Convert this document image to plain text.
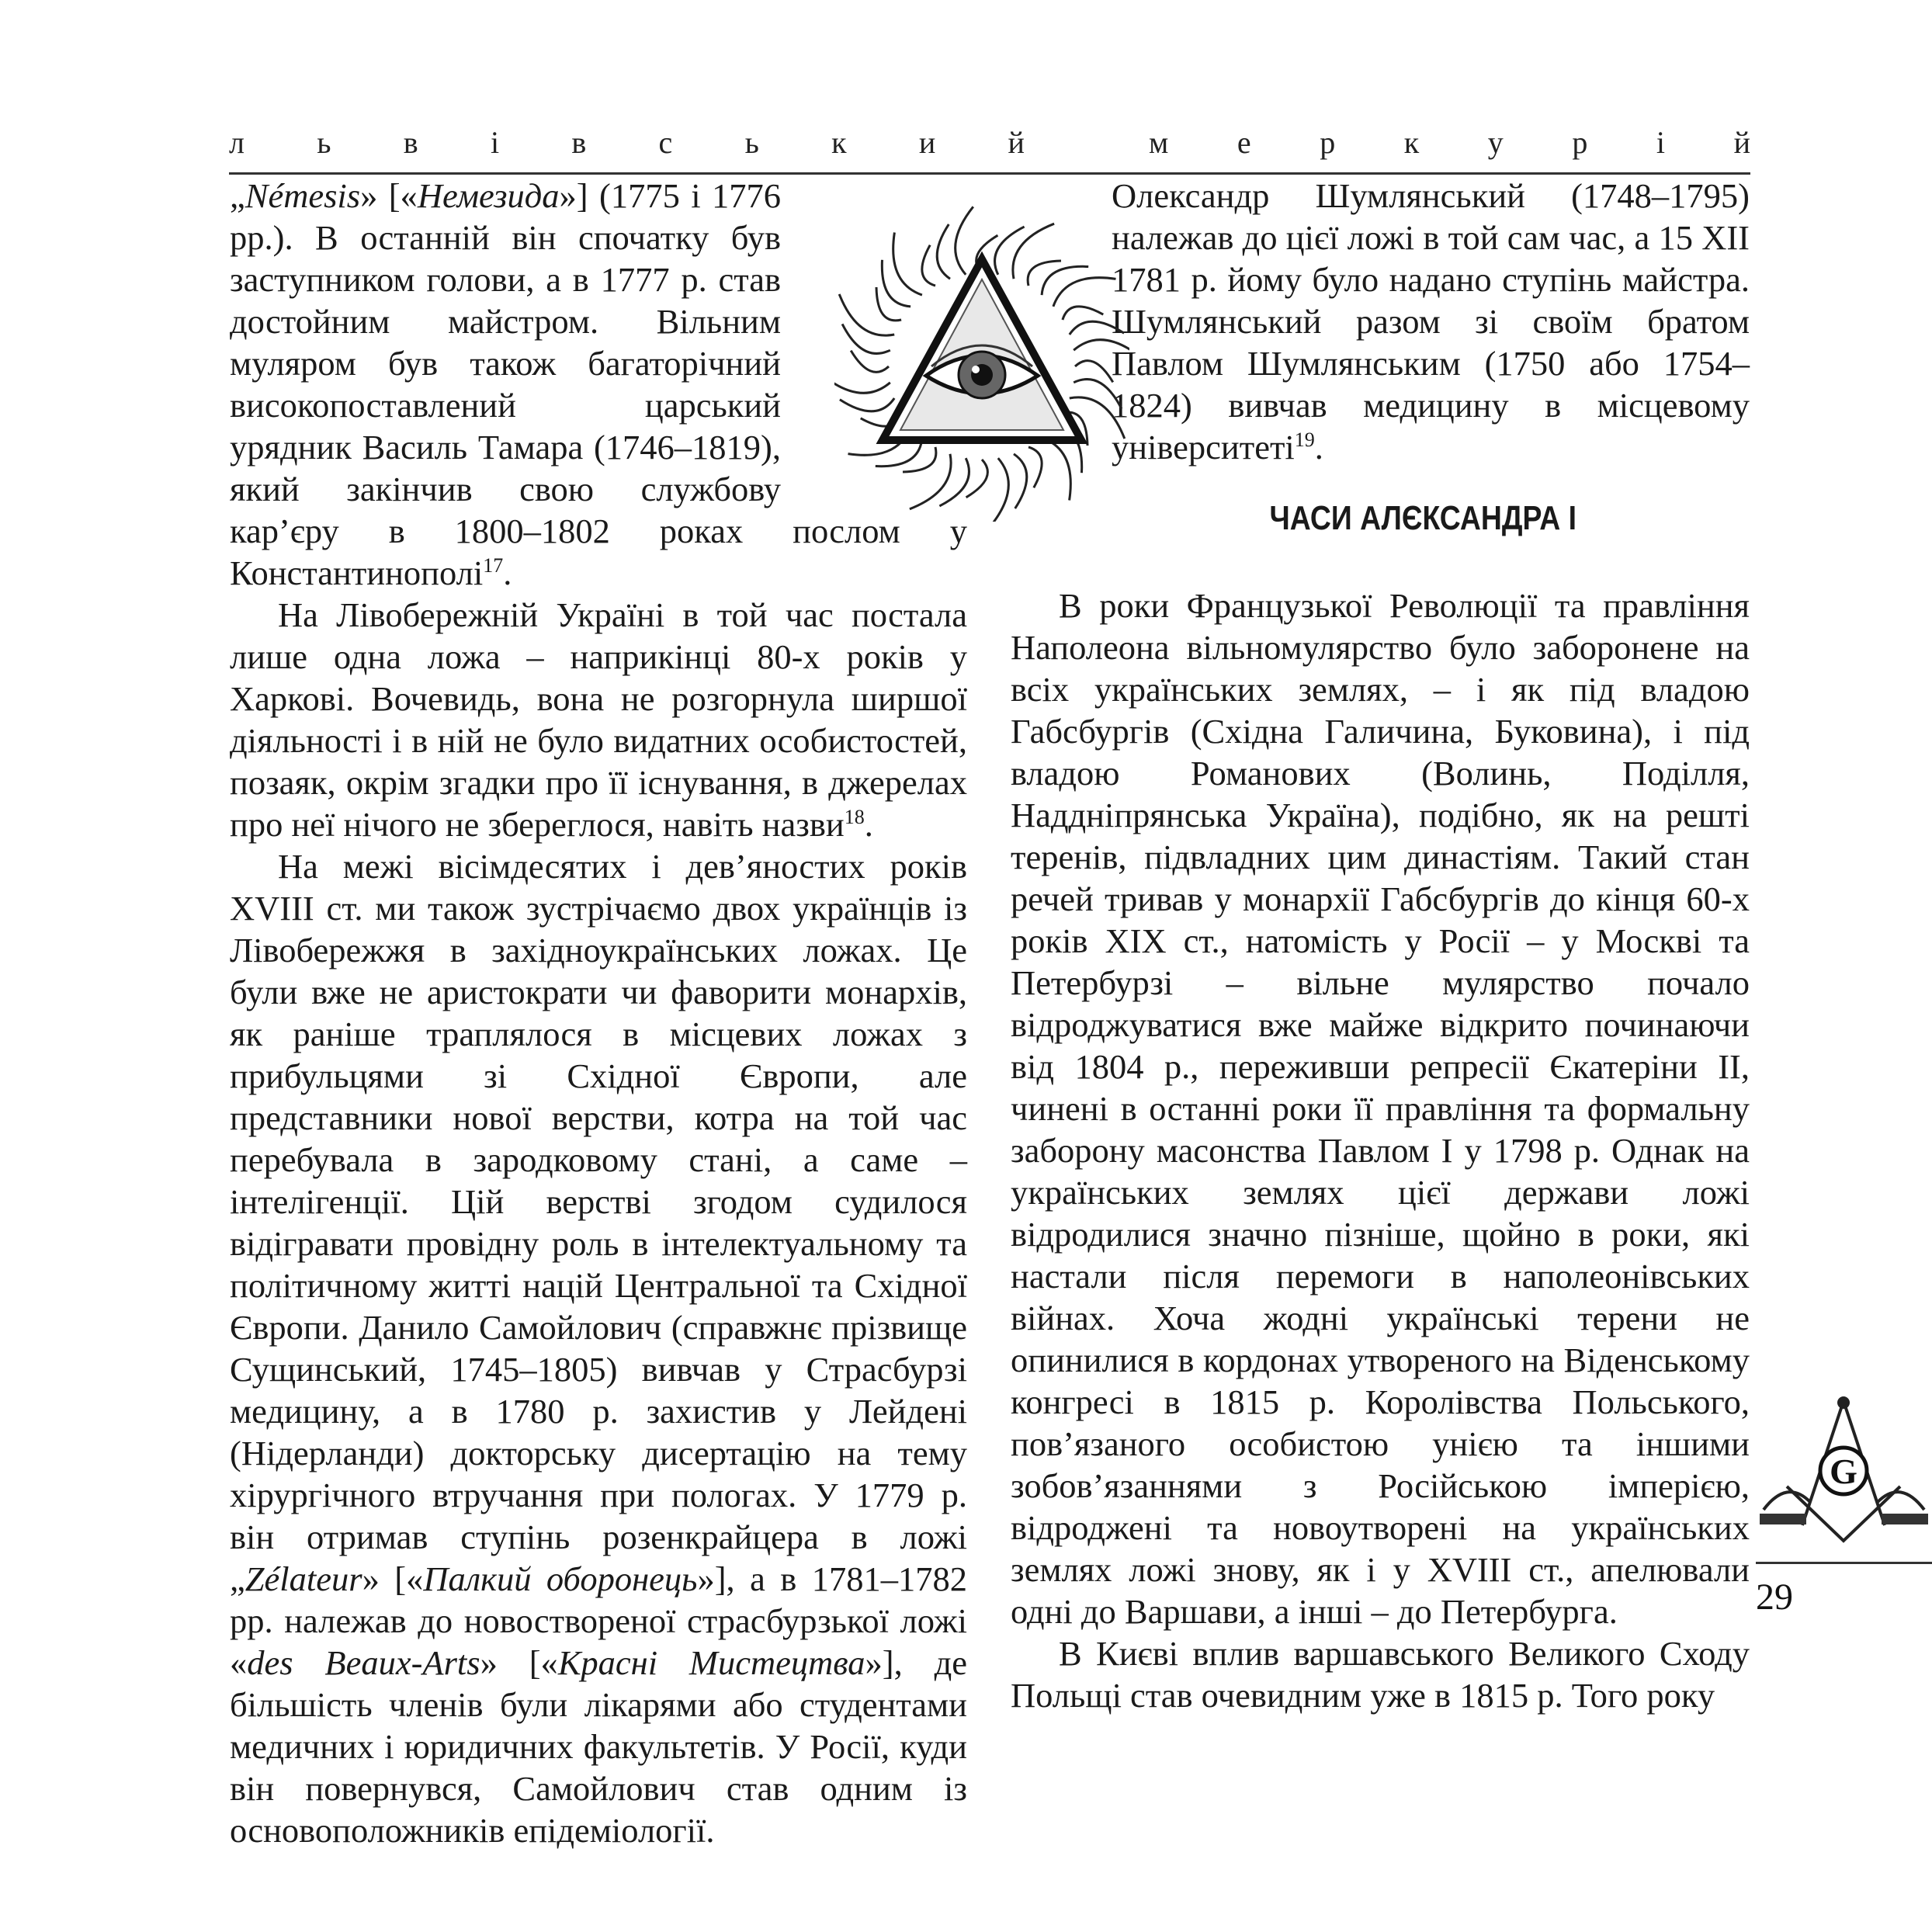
л ь в і в с ь к и й	м е р к у р і й

„Némesis» [«Немезида»] (1775 і 1776 рр.). В останній він спочатку був заступником голови, а в 1777 р. став достойним майстром. Вільним муляром був також багаторічний високопоставлений царський урядник Василь Тамара (1746–1819), який закінчив свою службову кар’єру в 1800–1802 роках послом у Константинополі$^{17}$.

На Лівобережній Україні в той час постала лише одна ложа – наприкінці 80-х років у Харкові. Вочевидь, вона не розгорнула ширшої діяльності і в ній не було видатних особистостей, позаяк, окрім згадки про її існування, в джерелах про неї нічого не збереглося, навіть назви$^{18}$.

На межі вісімдесятих і дев’яностих років XVIII ст. ми також зустрічаємо двох українців із Лівобережжя в західноукраїнських ложах. Це були вже не аристократи чи фаворити монархів, як раніше траплялося в місцевих ложах з прибульцями зі Східної Європи, але представники нової верстви, котра на той час перебувала в зародковому стані, а саме – інтелігенції. Цій верстві згодом судилося відігравати провідну роль в інтелектуальному та політичному житті націй Центральної та Східної Європи. Данило Самойлович (справжнє прізвище Сущинський, 1745–1805) вивчав у Страсбурзі медицину, а в 1780 р. захистив у Лейдені (Нідерланди) докторську дисертацію на тему хірургічного втручання при пологах. У 1779 р. він отримав ступінь розенкрайцера в ложі „Zélateur» [«Палкий оборонець»], а в 1781–1782 рр. належав до новоствореної страсбурзької ложі «des Beaux-Arts» [«Красні Мистецтва»], де більшість членів були лікарями або студентами медичних і юридичних факультетів. У Росії, куди він повернувся, Самойлович став одним із основоположників епідеміології.

Олександр Шумлянський (1748–1795) належав до цієї ложі в той сам час, а 15 XII 1781 р. йому було надано ступінь майстра. Шумлянський разом зі своїм братом Павлом Шумлянським (1750 або 1754–1824) вивчав медицину в місцевому університеті$^{19}$.

ЧАСИ АЛЄКСАНДРА I

В роки Французької Революції та правління Наполеона вільномулярство було заборонене на всіх українських землях, – і як під владою Габсбургів (Східна Галичина, Буковина), і під владою Романових (Волинь, Поділля, Наддніпрянська Україна), подібно, як на решті теренів, підвладних цим династіям. Такий стан речей тривав у монархії Габсбургів до кінця 60-х років XIX ст., натомість у Росії – у Москві та Петербурзі – вільне мулярство почало відроджуватися вже майже відкрито починаючи від 1804 р., переживши репресії Єкатеріни II, чинені в останні роки її правління та формальну заборону масонства Павлом I у 1798 р. Однак на українських землях цієї держави ложі відродилися значно пізніше, щойно в роки, які настали після перемоги в наполеонівських війнах. Хоча жодні українські терени не опинилися в кордонах утвореного на Віденському конгресі в 1815 р. Королівства Польського, пов’язаного особистою унією та іншими зобов’язаннями з Російською імперією, відроджені та новоутворені на українських землях ложі знову, як і у XVIII ст., апелювали одні до Варшави, а інші – до Петербурга.

В Києві вплив варшавського Великого Сходу Польщі став очевидним уже в 1815 р. Того року

G
29
